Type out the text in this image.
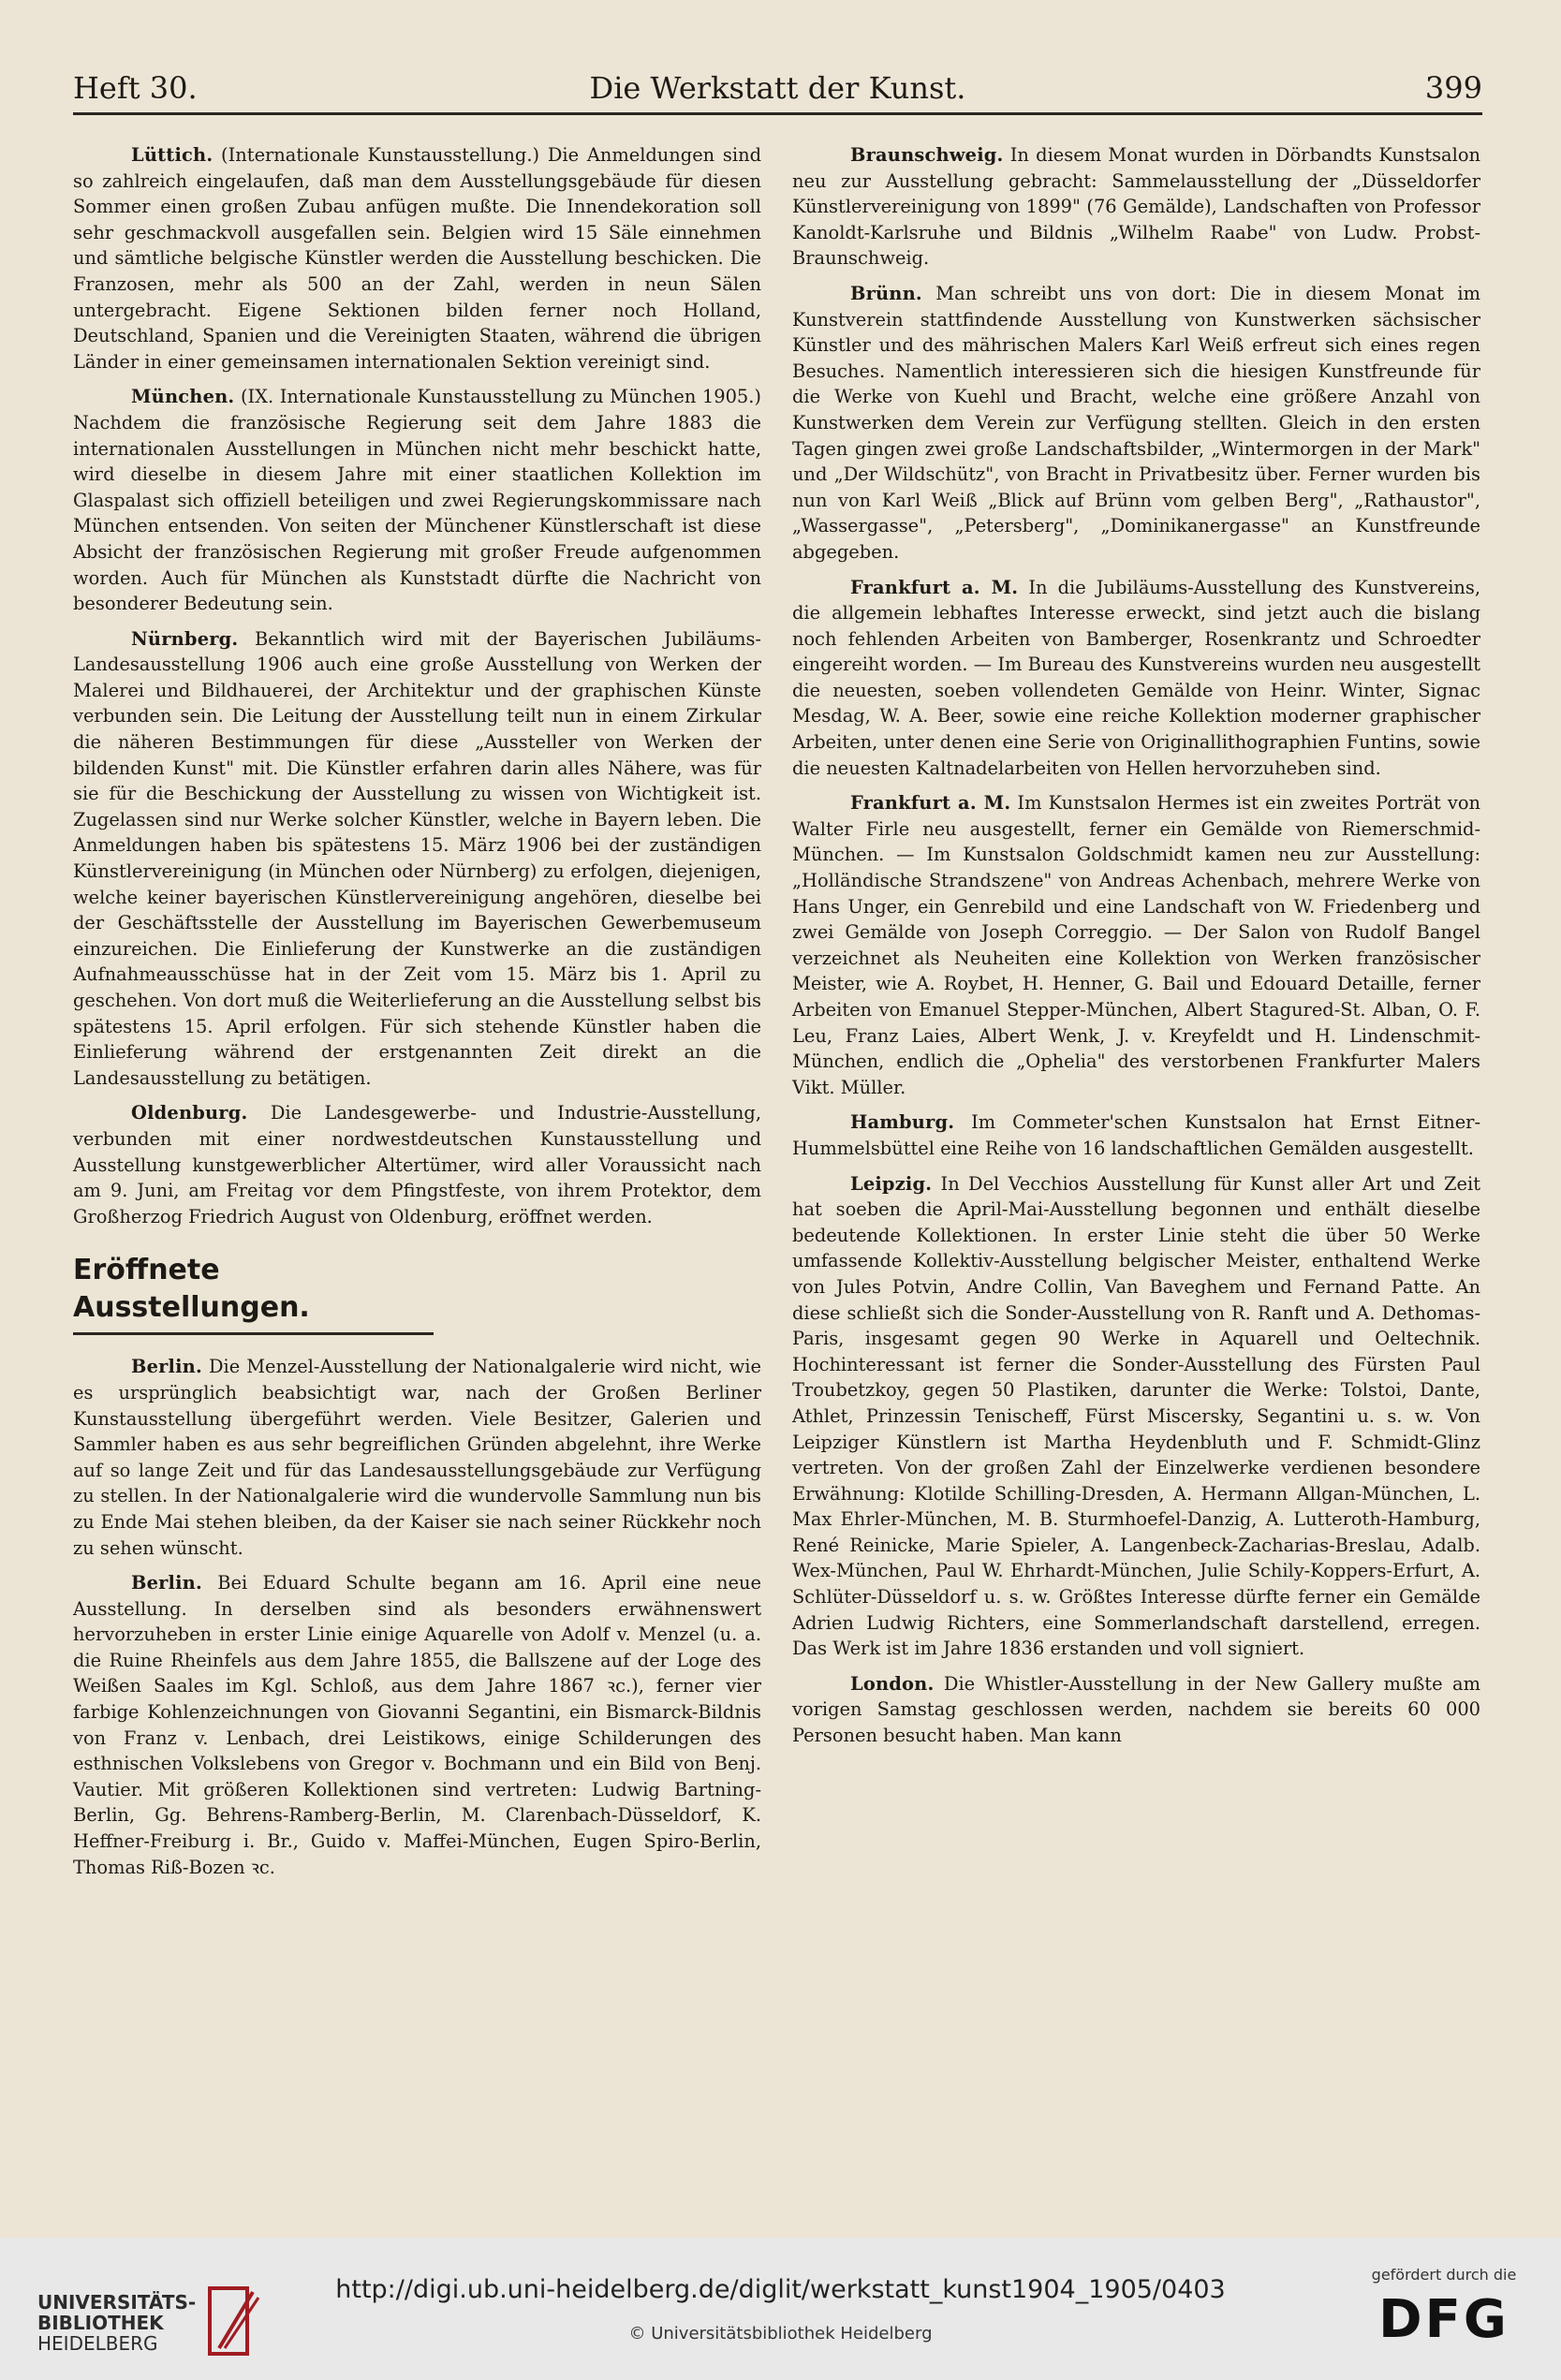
Heft 30.	Die Werkstatt der Kunst.	399

Lüttich. (Internationale Kunstausstellung.) Die Anmeldungen sind so zahlreich eingelaufen, daß man dem Ausstellungsgebäude für diesen Sommer einen großen Zubau anfügen mußte. Die Innendekoration soll sehr geschmackvoll ausgefallen sein. Belgien wird 15 Säle einnehmen und sämtliche belgische Künstler werden die Ausstellung beschicken. Die Franzosen, mehr als 500 an der Zahl, werden in neun Sälen untergebracht. Eigene Sektionen bilden ferner noch Holland, Deutschland, Spanien und die Vereinigten Staaten, während die übrigen Länder in einer gemeinsamen internationalen Sektion vereinigt sind.

München. (IX. Internationale Kunstausstellung zu München 1905.) Nachdem die französische Regierung seit dem Jahre 1883 die internationalen Ausstellungen in München nicht mehr beschickt hatte, wird dieselbe in diesem Jahre mit einer staatlichen Kollektion im Glaspalast sich offiziell beteiligen und zwei Regierungskommissare nach München entsenden. Von seiten der Münchener Künstlerschaft ist diese Absicht der französischen Regierung mit großer Freude aufgenommen worden. Auch für München als Kunststadt dürfte die Nachricht von besonderer Bedeutung sein.

Nürnberg. Bekanntlich wird mit der Bayerischen Jubiläums-Landesausstellung 1906 auch eine große Ausstellung von Werken der Malerei und Bildhauerei, der Architektur und der graphischen Künste verbunden sein. Die Leitung der Ausstellung teilt nun in einem Zirkular die näheren Bestimmungen für diese „Aussteller von Werken der bildenden Kunst" mit. Die Künstler erfahren darin alles Nähere, was für sie für die Beschickung der Ausstellung zu wissen von Wichtigkeit ist. Zugelassen sind nur Werke solcher Künstler, welche in Bayern leben. Die Anmeldungen haben bis spätestens 15. März 1906 bei der zuständigen Künstlervereinigung (in München oder Nürnberg) zu erfolgen, diejenigen, welche keiner bayerischen Künstlervereinigung angehören, dieselbe bei der Geschäftsstelle der Ausstellung im Bayerischen Gewerbemuseum einzureichen. Die Einlieferung der Kunstwerke an die zuständigen Aufnahmeausschüsse hat in der Zeit vom 15. März bis 1. April zu geschehen. Von dort muß die Weiterlieferung an die Ausstellung selbst bis spätestens 15. April erfolgen. Für sich stehende Künstler haben die Einlieferung während der erstgenannten Zeit direkt an die Landesausstellung zu betätigen.

Oldenburg. Die Landesgewerbe- und Industrie-Ausstellung, verbunden mit einer nordwestdeutschen Kunstausstellung und Ausstellung kunstgewerblicher Altertümer, wird aller Voraussicht nach am 9. Juni, am Freitag vor dem Pfingstfeste, von ihrem Protektor, dem Großherzog Friedrich August von Oldenburg, eröffnet werden.

Eröffnete Ausstellungen.

Berlin. Die Menzel-Ausstellung der Nationalgalerie wird nicht, wie es ursprünglich beabsichtigt war, nach der Großen Berliner Kunstausstellung übergeführt werden. Viele Besitzer, Galerien und Sammler haben es aus sehr begreiflichen Gründen abgelehnt, ihre Werke auf so lange Zeit und für das Landesausstellungsgebäude zur Verfügung zu stellen. In der Nationalgalerie wird die wundervolle Sammlung nun bis zu Ende Mai stehen bleiben, da der Kaiser sie nach seiner Rückkehr noch zu sehen wünscht.

Berlin. Bei Eduard Schulte begann am 16. April eine neue Ausstellung. In derselben sind als besonders erwähnenswert hervorzuheben in erster Linie einige Aquarelle von Adolf v. Menzel (u. a. die Ruine Rheinfels aus dem Jahre 1855, die Ballszene auf der Loge des Weißen Saales im Kgl. Schloß, aus dem Jahre 1867 ꝛc.), ferner vier farbige Kohlenzeichnungen von Giovanni Segantini, ein Bismarck-Bildnis von Franz v. Lenbach, drei Leistikows, einige Schilderungen des esthnischen Volkslebens von Gregor v. Bochmann und ein Bild von Benj. Vautier. Mit größeren Kollektionen sind vertreten: Ludwig Bartning-Berlin, Gg. Behrens-Ramberg-Berlin, M. Clarenbach-Düsseldorf, K. Heffner-Freiburg i. Br., Guido v. Maffei-München, Eugen Spiro-Berlin, Thomas Riß-Bozen ꝛc.

Braunschweig. In diesem Monat wurden in Dörbandts Kunstsalon neu zur Ausstellung gebracht: Sammelausstellung der „Düsseldorfer Künstlervereinigung von 1899" (76 Gemälde), Landschaften von Professor Kanoldt-Karlsruhe und Bildnis „Wilhelm Raabe" von Ludw. Probst-Braunschweig.

Brünn. Man schreibt uns von dort: Die in diesem Monat im Kunstverein stattfindende Ausstellung von Kunstwerken sächsischer Künstler und des mährischen Malers Karl Weiß erfreut sich eines regen Besuches. Namentlich interessieren sich die hiesigen Kunstfreunde für die Werke von Kuehl und Bracht, welche eine größere Anzahl von Kunstwerken dem Verein zur Verfügung stellten. Gleich in den ersten Tagen gingen zwei große Landschaftsbilder, „Wintermorgen in der Mark" und „Der Wildschütz", von Bracht in Privatbesitz über. Ferner wurden bis nun von Karl Weiß „Blick auf Brünn vom gelben Berg", „Rathaustor", „Wassergasse", „Petersberg", „Dominikanergasse" an Kunstfreunde abgegeben.

Frankfurt a. M. In die Jubiläums-Ausstellung des Kunstvereins, die allgemein lebhaftes Interesse erweckt, sind jetzt auch die bislang noch fehlenden Arbeiten von Bamberger, Rosenkrantz und Schroedter eingereiht worden. — Im Bureau des Kunstvereins wurden neu ausgestellt die neuesten, soeben vollendeten Gemälde von Heinr. Winter, Signac Mesdag, W. A. Beer, sowie eine reiche Kollektion moderner graphischer Arbeiten, unter denen eine Serie von Originallithographien Funtins, sowie die neuesten Kaltnadelarbeiten von Hellen hervorzuheben sind.

Frankfurt a. M. Im Kunstsalon Hermes ist ein zweites Porträt von Walter Firle neu ausgestellt, ferner ein Gemälde von Riemerschmid-München. — Im Kunstsalon Goldschmidt kamen neu zur Ausstellung: „Holländische Strandszene" von Andreas Achenbach, mehrere Werke von Hans Unger, ein Genrebild und eine Landschaft von W. Friedenberg und zwei Gemälde von Joseph Correggio. — Der Salon von Rudolf Bangel verzeichnet als Neuheiten eine Kollektion von Werken französischer Meister, wie A. Roybet, H. Henner, G. Bail und Edouard Detaille, ferner Arbeiten von Emanuel Stepper-München, Albert Stagured-St. Alban, O. F. Leu, Franz Laies, Albert Wenk, J. v. Kreyfeldt und H. Lindenschmit-München, endlich die „Ophelia" des verstorbenen Frankfurter Malers Vikt. Müller.

Hamburg. Im Commeter'schen Kunstsalon hat Ernst Eitner-Hummelsbüttel eine Reihe von 16 landschaftlichen Gemälden ausgestellt.

Leipzig. In Del Vecchios Ausstellung für Kunst aller Art und Zeit hat soeben die April-Mai-Ausstellung begonnen und enthält dieselbe bedeutende Kollektionen. In erster Linie steht die über 50 Werke umfassende Kollektiv-Ausstellung belgischer Meister, enthaltend Werke von Jules Potvin, Andre Collin, Van Baveghem und Fernand Patte. An diese schließt sich die Sonder-Ausstellung von R. Ranft und A. Dethomas-Paris, insgesamt gegen 90 Werke in Aquarell und Oeltechnik. Hochinteressant ist ferner die Sonder-Ausstellung des Fürsten Paul Troubetzkoy, gegen 50 Plastiken, darunter die Werke: Tolstoi, Dante, Athlet, Prinzessin Tenischeff, Fürst Miscersky, Segantini u. s. w. Von Leipziger Künstlern ist Martha Heydenbluth und F. Schmidt-Glinz vertreten. Von der großen Zahl der Einzelwerke verdienen besondere Erwähnung: Klotilde Schilling-Dresden, A. Hermann Allgan-München, L. Max Ehrler-München, M. B. Sturmhoefel-Danzig, A. Lutteroth-Hamburg, René Reinicke, Marie Spieler, A. Langenbeck-Zacharias-Breslau, Adalb. Wex-München, Paul W. Ehrhardt-München, Julie Schily-Koppers-Erfurt, A. Schlüter-Düsseldorf u. s. w. Größtes Interesse dürfte ferner ein Gemälde Adrien Ludwig Richters, eine Sommerlandschaft darstellend, erregen. Das Werk ist im Jahre 1836 erstanden und voll signiert.

London. Die Whistler-Ausstellung in der New Gallery mußte am vorigen Samstag geschlossen werden, nachdem sie bereits 60 000 Personen besucht haben. Man kann

UNIVERSITÄTS-
BIBLIOTHEK
HEIDELBERG
http://digi.ub.uni-heidelberg.de/diglit/werkstatt_kunst1904_1905/0403
© Universitätsbibliothek Heidelberg
gefördert durch die
DFG
